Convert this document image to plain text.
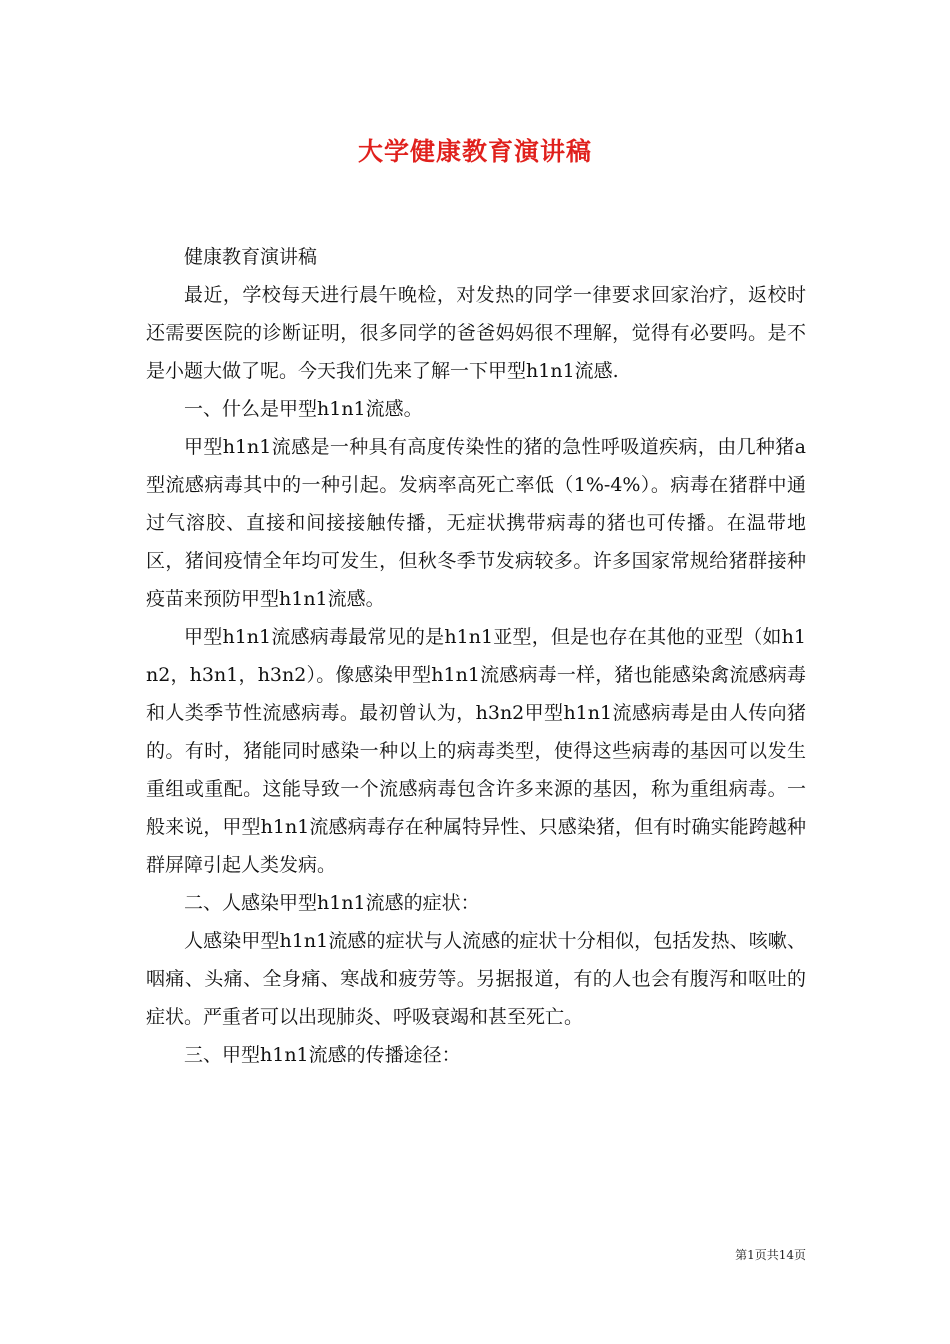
大学健康教育演讲稿

健康教育演讲稿

最近，学校每天进行晨午晚检，对发热的同学一律要求回家治疗，返校时还需要医院的诊断证明，很多同学的爸爸妈妈很不理解，觉得有必要吗。是不是小题大做了呢。今天我们先来了解一下甲型h1n1流感.

一、什么是甲型h1n1流感。

甲型h1n1流感是一种具有高度传染性的猪的急性呼吸道疾病，由几种猪a型流感病毒其中的一种引起。发病率高死亡率低（1%-4%）。病毒在猪群中通过气溶胶、直接和间接接触传播，无症状携带病毒的猪也可传播。在温带地区，猪间疫情全年均可发生，但秋冬季节发病较多。许多国家常规给猪群接种疫苗来预防甲型h1n1流感。

甲型h1n1流感病毒最常见的是h1n1亚型，但是也存在其他的亚型（如h1n2，h3n1，h3n2）。像感染甲型h1n1流感病毒一样，猪也能感染禽流感病毒和人类季节性流感病毒。最初曾认为，h3n2甲型h1n1流感病毒是由人传向猪的。有时，猪能同时感染一种以上的病毒类型，使得这些病毒的基因可以发生重组或重配。这能导致一个流感病毒包含许多来源的基因，称为重组病毒。一般来说，甲型h1n1流感病毒存在种属特异性、只感染猪，但有时确实能跨越种群屏障引起人类发病。

二、人感染甲型h1n1流感的症状：

人感染甲型h1n1流感的症状与人流感的症状十分相似，包括发热、咳嗽、咽痛、头痛、全身痛、寒战和疲劳等。另据报道，有的人也会有腹泻和呕吐的症状。严重者可以出现肺炎、呼吸衰竭和甚至死亡。

三、甲型h1n1流感的传播途径：

第1页共14页
